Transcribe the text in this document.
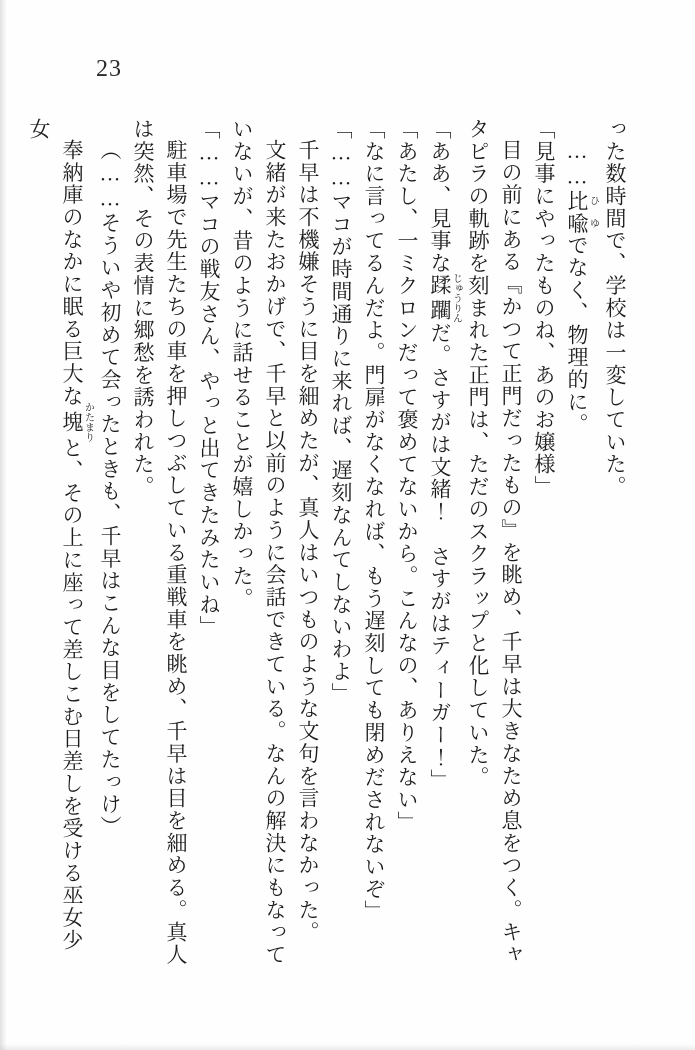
23

った数時間で、学校は一変していた。

……比喩ひゆでなく、物理的に。

「見事にやったものね、あのお嬢様」

目の前にある『かつて正門だったもの』を眺め、千早は大きなため息をつく。キャタピラの軌跡を刻まれた正門は、ただのスクラップと化していた。

「ああ、見事な蹂躙じゅうりんだ。さすがは文緒！　さすがはティーガー！」

「あたし、一ミクロンだって褒めてないから。こんなの、ありえない」

「なに言ってるんだよ。門扉がなくなれば、もう遅刻しても閉めだされないぞ」

「……マコが時間通りに来れば、遅刻なんてしないわよ」

千早は不機嫌そうに目を細めたが、真人はいつものような文句を言わなかった。

文緒が来たおかげで、千早と以前のように会話できている。なんの解決にもなっていないが、昔のように話せることが嬉しかった。

「……マコの戦友さん、やっと出てきたみたいね」

駐車場で先生たちの車を押しつぶしている重戦車を眺め、千早は目を細める。真人は突然、その表情に郷愁を誘われた。

（……そういや初めて会ったときも、千早はこんな目をしてたっけ）

奉納庫のなかに眠る巨大な塊かたまりと、その上に座って差しこむ日差しを受ける巫女少女
